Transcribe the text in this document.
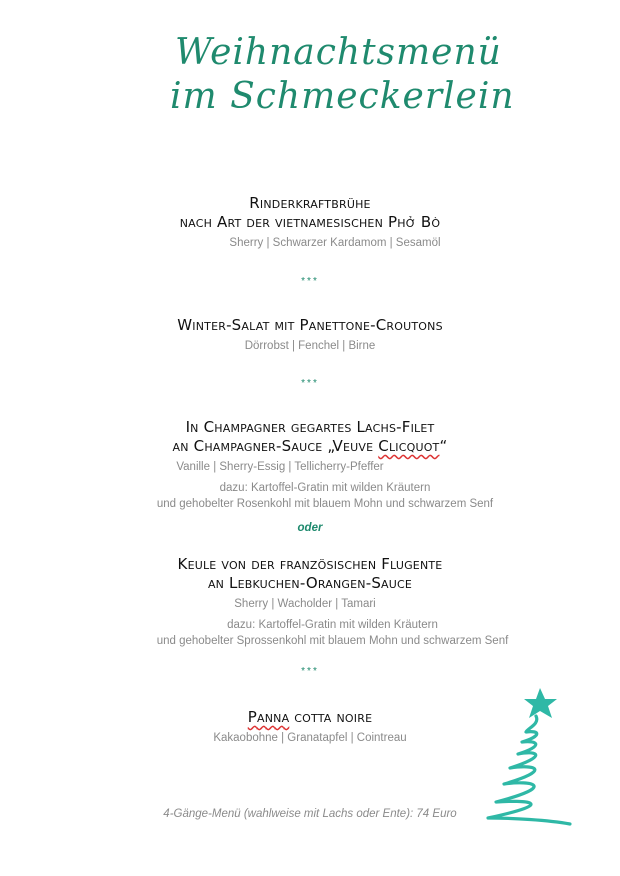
Weihnachtsmenü
im Schmeckerlein
Rinderkraftbrühe
nach Art der vietnamesischen Phở Bò
Sherry | Schwarzer Kardamom | Sesamöl
***
Winter-Salat mit Panettone-Croutons
Dörrobst | Fenchel | Birne
***
In Champagner gegartes Lachs-Filet
an Champagner-Sauce „Veuve Clicquot“
Vanille | Sherry-Essig | Tellicherry-Pfeffer
dazu: Kartoffel-Gratin mit wilden Kräutern
und gehobelter Rosenkohl mit blauem Mohn und schwarzem Senf
oder
Keule von der französischen Flugente
an Lebkuchen-Orangen-Sauce
Sherry | Wacholder | Tamari
dazu: Kartoffel-Gratin mit wilden Kräutern
und gehobelter Sprossenkohl mit blauem Mohn und schwarzem Senf
***
Panna cotta noire
Kakaobohne | Granatapfel | Cointreau
4-Gänge-Menü (wahlweise mit Lachs oder Ente): 74 Euro
